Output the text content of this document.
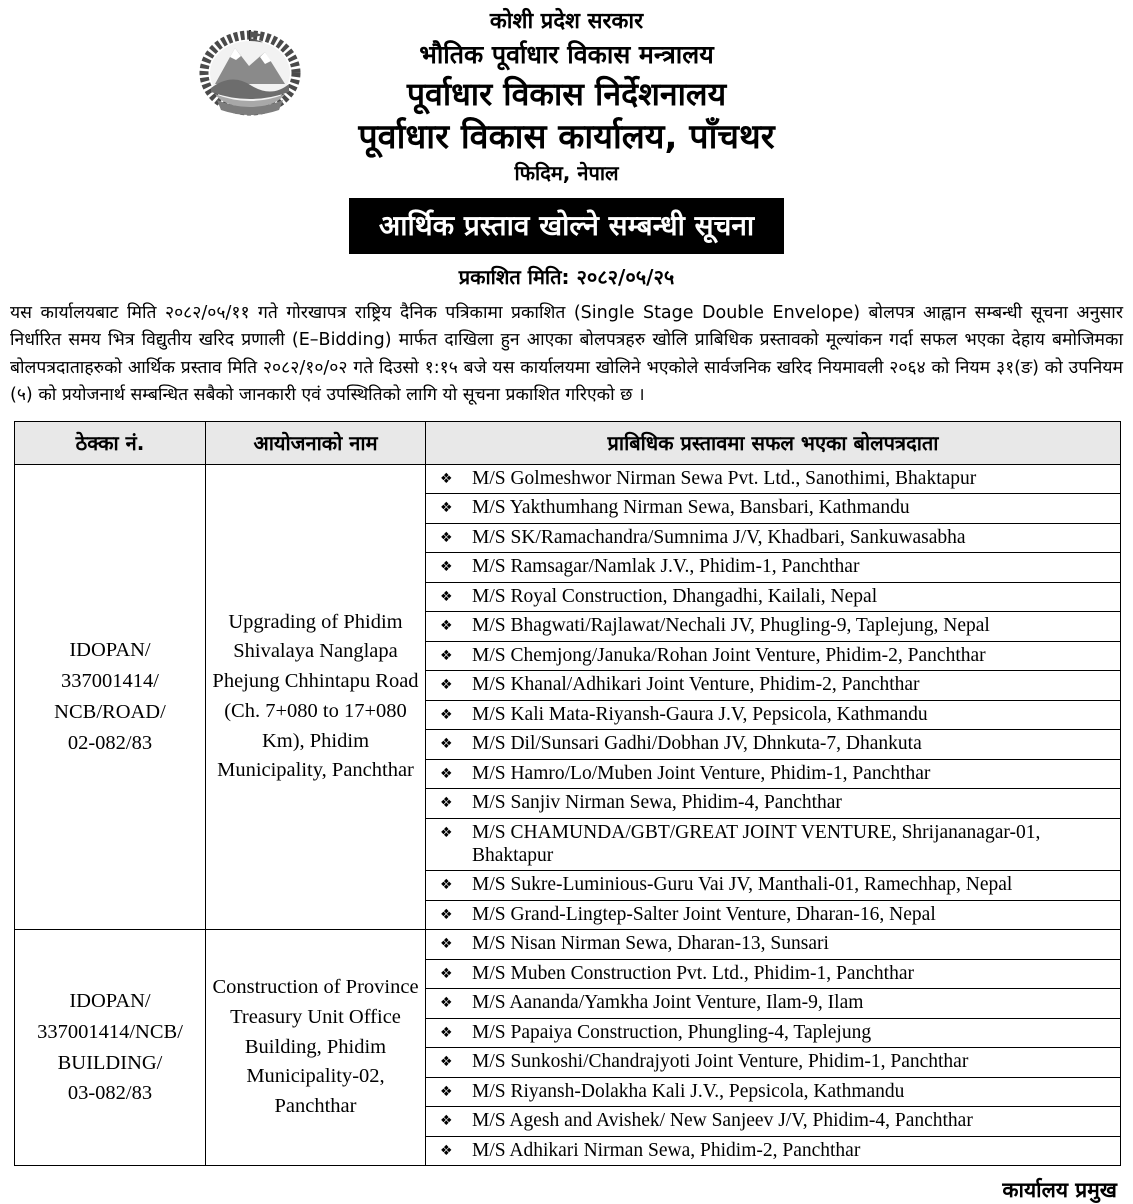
कोशी प्रदेश सरकार
भौतिक पूर्वाधार विकास मन्त्रालय
पूर्वाधार विकास निर्देशनालय
पूर्वाधार विकास कार्यालय, पाँचथर
फिदिम, नेपाल
आर्थिक प्रस्ताव खोल्ने सम्बन्धी सूचना
प्रकाशित मिति: २०८२/०५/२५
यस कार्यालयबाट मिति २०८२/०५/११ गते गोरखापत्र राष्ट्रिय दैनिक पत्रिकामा प्रकाशित (Single Stage Double Envelope) बोलपत्र आह्वान सम्बन्धी सूचना अनुसार निर्धारित समय भित्र विद्युतीय खरिद प्रणाली (E–Bidding) मार्फत दाखिला हुन आएका बोलपत्रहरु खोलि प्राबिधिक प्रस्तावको मूल्यांकन गर्दा सफल भएका देहाय बमोजिमका बोलपत्रदाताहरुको आर्थिक प्रस्ताव मिति २०८२/१०/०२ गते दिउसो १:१५ बजे यस कार्यालयमा खोलिने भएकोले सार्वजनिक खरिद नियमावली २०६४ को नियम ३१(ङ) को उपनियम (५) को प्रयोजनार्थ सम्बन्धित सबैको जानकारी एवं उपस्थितिको लागि यो सूचना प्रकाशित गरिएको छ ।
ठेक्का नं.	आयोजनाको नाम	प्राबिधिक प्रस्तावमा सफल भएका बोलपत्रदाता

IDOPAN/
337001414/
NCB/ROAD/
02-082/83	Upgrading of Phidim Shivalaya Nanglapa Phejung Chhintapu Road (Ch. 7+080 to 17+080 Km), Phidim Municipality, Panchthar	❖ M/S Golmeshwor Nirman Sewa Pvt. Ltd., Sanothimi, Bhaktapur
		❖ M/S Yakthumhang Nirman Sewa, Bansbari, Kathmandu
		❖ M/S SK/Ramachandra/Sumnima J/V, Khadbari, Sankuwasabha
		❖ M/S Ramsagar/Namlak J.V., Phidim-1, Panchthar
		❖ M/S Royal Construction, Dhangadhi, Kailali, Nepal
		❖ M/S Bhagwati/Rajlawat/Nechali JV, Phugling-9, Taplejung, Nepal
		❖ M/S Chemjong/Januka/Rohan Joint Venture, Phidim-2, Panchthar
		❖ M/S Khanal/Adhikari Joint Venture, Phidim-2, Panchthar
		❖ M/S Kali Mata-Riyansh-Gaura J.V, Pepsicola, Kathmandu
		❖ M/S Dil/Sunsari Gadhi/Dobhan JV, Dhnkuta-7, Dhankuta
		❖ M/S Hamro/Lo/Muben Joint Venture, Phidim-1, Panchthar
		❖ M/S Sanjiv Nirman Sewa, Phidim-4, Panchthar
		❖ M/S CHAMUNDA/GBT/GREAT JOINT VENTURE, Shrijananagar-01, Bhaktapur
		❖ M/S Sukre-Luminious-Guru Vai JV, Manthali-01, Ramechhap, Nepal
		❖ M/S Grand-Lingtep-Salter Joint Venture, Dharan-16, Nepal

IDOPAN/
337001414/NCB/
BUILDING/
03-082/83	Construction of Province Treasury Unit Office Building, Phidim Municipality-02, Panchthar	❖ M/S Nisan Nirman Sewa, Dharan-13, Sunsari
		❖ M/S Muben Construction Pvt. Ltd., Phidim-1, Panchthar
		❖ M/S Aananda/Yamkha Joint Venture, Ilam-9, Ilam
		❖ M/S Papaiya Construction, Phungling-4, Taplejung
		❖ M/S Sunkoshi/Chandrajyoti Joint Venture, Phidim-1, Panchthar
		❖ M/S Riyansh-Dolakha Kali J.V., Pepsicola, Kathmandu
		❖ M/S Agesh and Avishek/ New Sanjeev J/V, Phidim-4, Panchthar
		❖ M/S Adhikari Nirman Sewa, Phidim-2, Panchthar
कार्यालय प्रमुख
